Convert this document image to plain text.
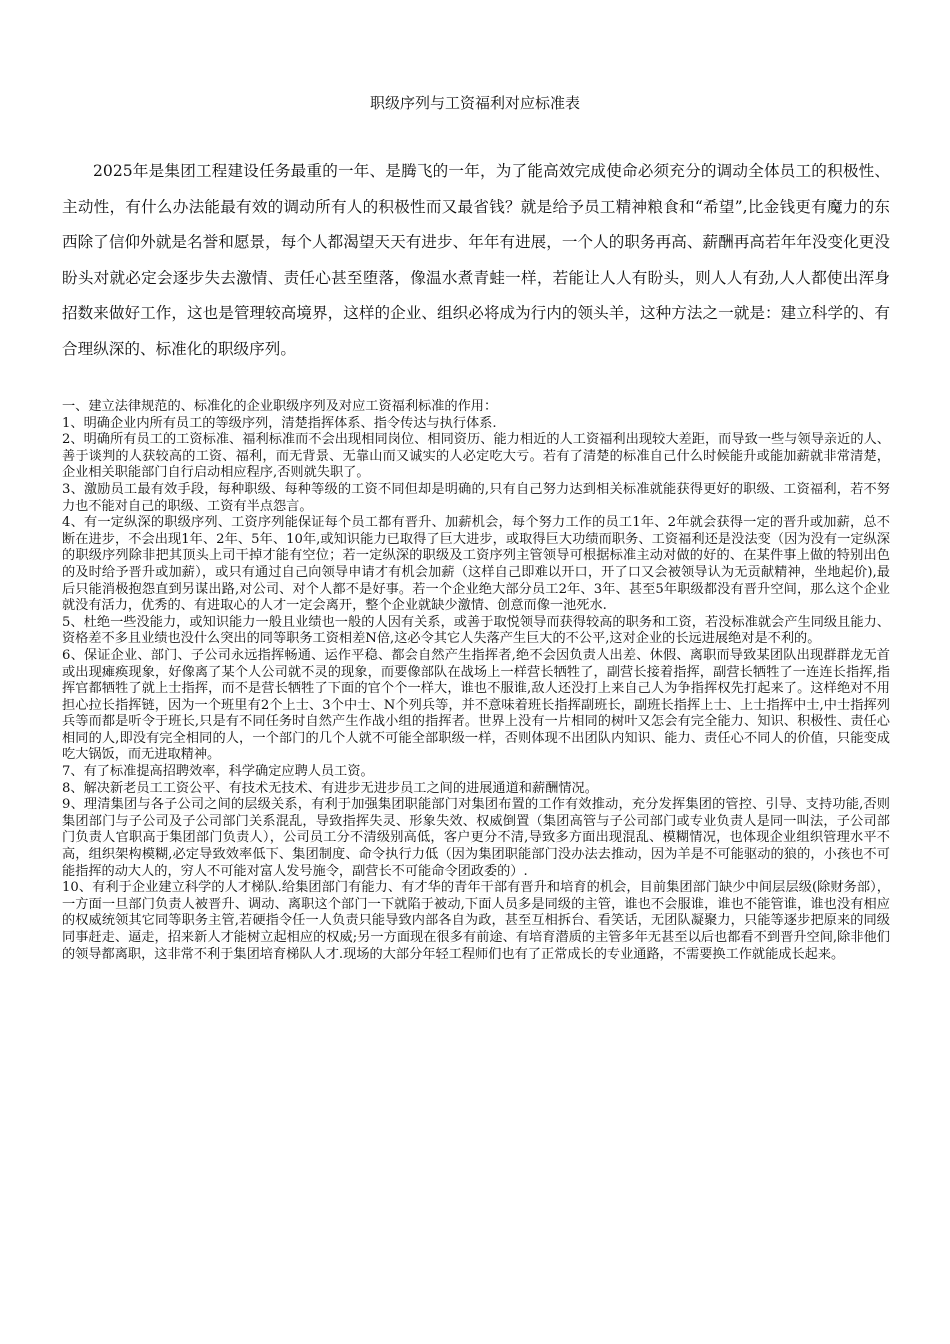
职级序列与工资福利对应标准表

2025年是集团工程建设任务最重的一年、是腾飞的一年，为了能高效完成使命必须充分的调动全体员工的积极性、主动性，有什么办法能最有效的调动所有人的积极性而又最省钱？就是给予员工精神粮食和“希望”,比金钱更有魔力的东西除了信仰外就是名誉和愿景，每个人都渴望天天有进步、年年有进展，一个人的职务再高、薪酬再高若年年没变化更没盼头对就必定会逐步失去激情、责任心甚至堕落，像温水煮青蛙一样，若能让人人有盼头，则人人有劲,人人都使出浑身招数来做好工作，这也是管理较高境界，这样的企业、组织必将成为行内的领头羊，这种方法之一就是：建立科学的、有合理纵深的、标准化的职级序列。

一、建立法律规范的、标准化的企业职级序列及对应工资福利标准的作用：

1、明确企业内所有员工的等级序列，清楚指挥体系、指令传达与执行体系.

2、明确所有员工的工资标准、福利标准而不会出现相同岗位、相同资历、能力相近的人工资福利出现较大差距，而导致一些与领导亲近的人、善于谈判的人获较高的工资、福利，而无背景、无靠山而又诚实的人必定吃大亏。若有了清楚的标准自己什么时候能升或能加薪就非常清楚，企业相关职能部门自行启动相应程序,否则就失职了。

3、激励员工最有效手段，每种职级、每种等级的工资不同但却是明确的,只有自己努力达到相关标准就能获得更好的职级、工资福利，若不努力也不能对自己的职级、工资有半点怨言。

4、有一定纵深的职级序列、工资序列能保证每个员工都有晋升、加薪机会，每个努力工作的员工1年、2年就会获得一定的晋升或加薪，总不断在进步，不会出现1年、2年、5年、10年,或知识能力已取得了巨大进步，或取得巨大功绩而职务、工资福利还是没法变（因为没有一定纵深的职级序列除非把其顶头上司干掉才能有空位；若一定纵深的职级及工资序列主管领导可根据标准主动对做的好的、在某件事上做的特别出色的及时给予晋升或加薪），或只有通过自己向领导申请才有机会加薪（这样自己即难以开口，开了口又会被领导认为无贡献精神，坐地起价),最后只能消极抱怨直到另谋出路,对公司、对个人都不是好事。若一个企业绝大部分员工2年、3年、甚至5年职级都没有晋升空间，那么这个企业就没有活力，优秀的、有进取心的人才一定会离开，整个企业就缺少激情、创意而像一池死水.

5、杜绝一些没能力，或知识能力一般且业绩也一般的人因有关系，或善于取悦领导而获得较高的职务和工资，若没标准就会产生同级且能力、资格差不多且业绩也没什么突出的同等职务工资相差N倍,这必令其它人失落产生巨大的不公平,这对企业的长远进展绝对是不利的。

6、保证企业、部门、子公司永远指挥畅通、运作平稳、都会自然产生指挥者,绝不会因负责人出差、休假、离职而导致某团队出现群群龙无首或出现瘫痪现象，好像离了某个人公司就不灵的现象，而要像部队在战场上一样营长牺牲了，副营长接着指挥，副营长牺牲了一连连长指挥,指挥官都牺牲了就上士指挥，而不是营长牺牲了下面的官个个一样大，谁也不服谁,敌人还没打上来自己人为争指挥权先打起来了。这样绝对不用担心拉长指挥链，因为一个班里有2个上士、3个中士、N个列兵等，并不意味着班长指挥副班长，副班长指挥上士、上士指挥中士,中士指挥列兵等而都是听令于班长,只是有不同任务时自然产生作战小组的指挥者。世界上没有一片相同的树叶又怎会有完全能力、知识、积极性、责任心相同的人,即没有完全相同的人，一个部门的几个人就不可能全部职级一样，否则体现不出团队内知识、能力、责任心不同人的价值，只能变成吃大锅饭，而无进取精神。

7、有了标准提高招聘效率，科学确定应聘人员工资。

8、解决新老员工工资公平、有技术无技术、有进步无进步员工之间的进展通道和薪酬情况。

9、理清集团与各子公司之间的层级关系，有利于加强集团职能部门对集团布置的工作有效推动，充分发挥集团的管控、引导、支持功能,否则集团部门与子公司及子公司部门关系混乱，导致指挥失灵、形象失效、权威倒置（集团高管与子公司部门或专业负责人是同一叫法，子公司部门负责人官职高于集团部门负责人），公司员工分不清级别高低，客户更分不清,导致多方面出现混乱、模糊情况，也体现企业组织管理水平不高，组织架构模糊,必定导致效率低下、集团制度、命令执行力低（因为集团职能部门没办法去推动，因为羊是不可能驱动的狼的，小孩也不可能指挥的动大人的，穷人不可能对富人发号施令，副营长不可能命令团政委的）.

10、有利于企业建立科学的人才梯队.给集团部门有能力、有才华的青年干部有晋升和培育的机会，目前集团部门缺少中间层层级(除财务部），一方面一旦部门负责人被晋升、调动、离职这个部门一下就陷于被动,下面人员多是同级的主管，谁也不会服谁，谁也不能管谁，谁也没有相应的权威统领其它同等职务主管,若硬指令任一人负责只能导致内部各自为政，甚至互相拆台、看笑话，无团队凝聚力，只能等逐步把原来的同级同事赶走、逼走，招来新人才能树立起相应的权威;另一方面现在很多有前途、有培育潜质的主管多年无甚至以后也都看不到晋升空间,除非他们的领导都离职，这非常不利于集团培育梯队人才.现场的大部分年轻工程师们也有了正常成长的专业通路，不需要换工作就能成长起来。
